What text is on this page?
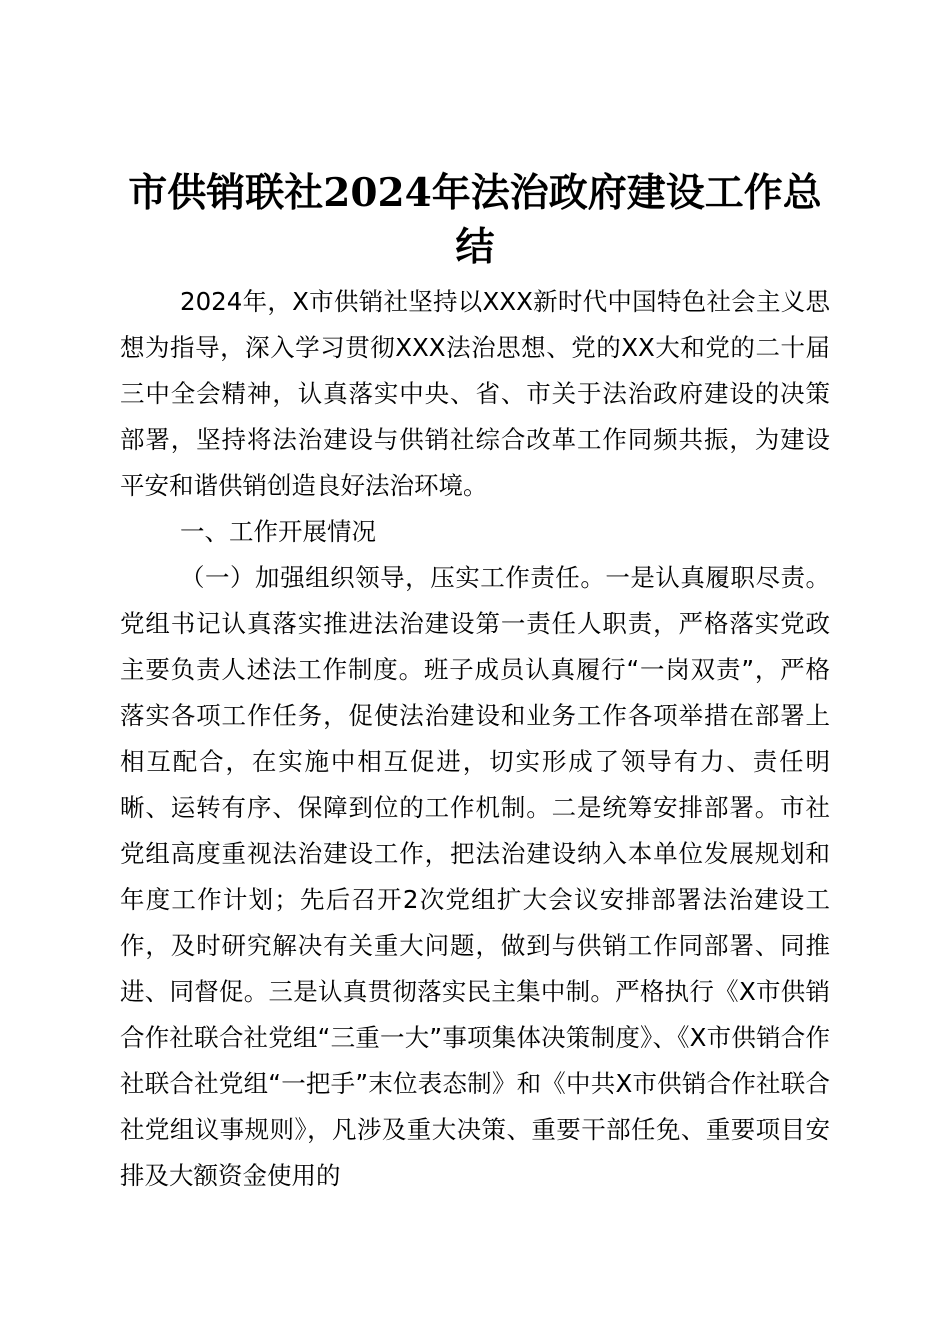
市供销联社2024年法治政府建设工作总结

2024年，X市供销社坚持以XXX新时代中国特色社会主义思想为指导，深入学习贯彻XXX法治思想、党的XX大和党的二十届三中全会精神，认真落实中央、省、市关于法治政府建设的决策部署，坚持将法治建设与供销社综合改革工作同频共振，为建设平安和谐供销创造良好法治环境。

一、工作开展情况

（一）加强组织领导，压实工作责任。一是认真履职尽责。党组书记认真落实推进法治建设第一责任人职责，严格落实党政主要负责人述法工作制度。班子成员认真履行“一岗双责”，严格落实各项工作任务，促使法治建设和业务工作各项举措在部署上相互配合，在实施中相互促进，切实形成了领导有力、责任明晰、运转有序、保障到位的工作机制。二是统筹安排部署。市社党组高度重视法治建设工作，把法治建设纳入本单位发展规划和年度工作计划；先后召开2次党组扩大会议安排部署法治建设工作，及时研究解决有关重大问题，做到与供销工作同部署、同推进、同督促。三是认真贯彻落实民主集中制。严格执行《X市供销合作社联合社党组“三重一大”事项集体决策制度》、《X市供销合作社联合社党组“一把手”末位表态制》和《中共X市供销合作社联合社党组议事规则》，凡涉及重大决策、重要干部任免、重要项目安排及大额资金使用的
